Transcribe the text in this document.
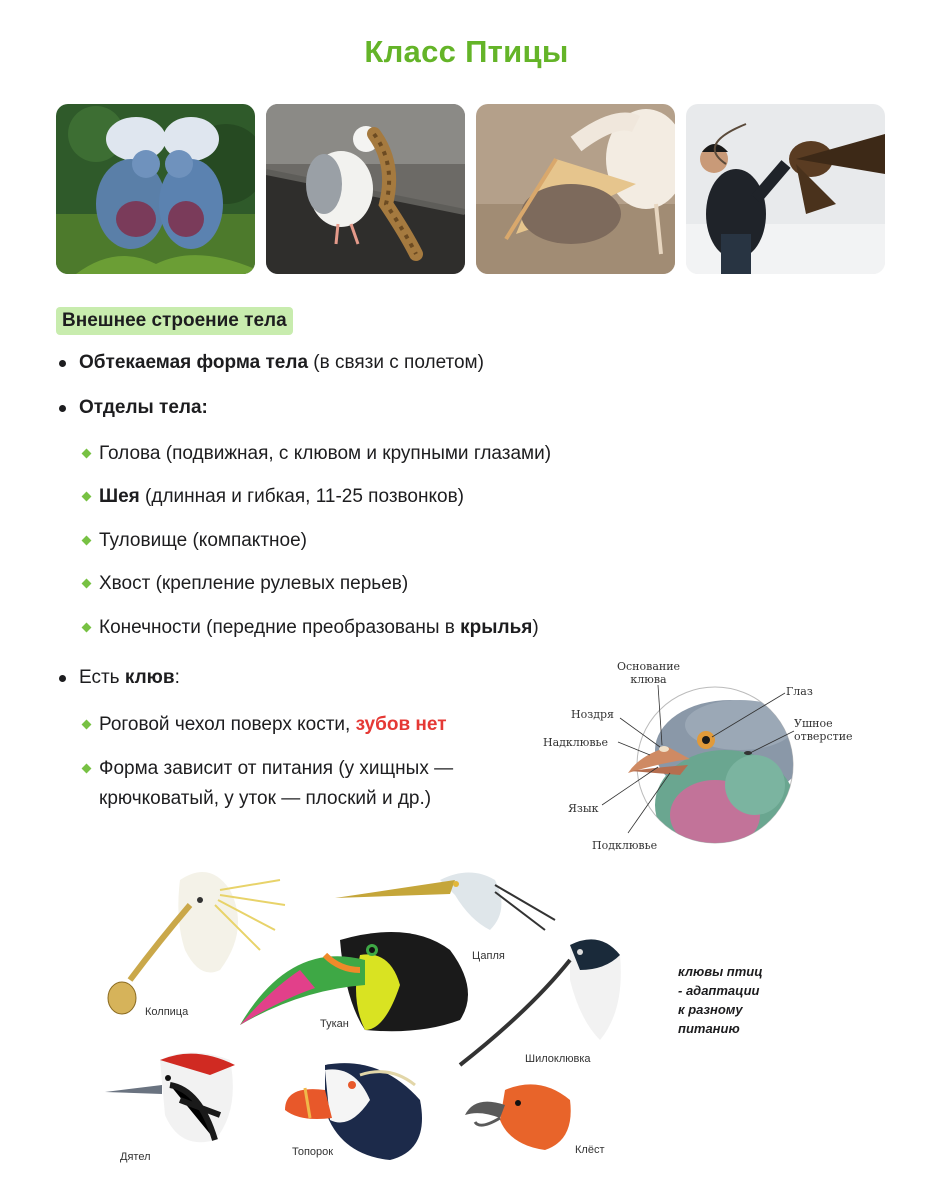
Класс Птицы
Внешнее строение тела
Обтекаемая форма тела (в связи с полетом)
Отделы тела:
Голова (подвижная, с клювом и крупными глазами)
Шея (длинная и гибкая, 11-25 позвонков)
Туловище (компактное)
Хвост (крепление рулевых перьев)
Конечности (передние преобразованы в крылья)
Есть клюв:
Роговой чехол поверх кости, зубов нет
Форма зависит от питания (у хищных —
крючковатый, у уток — плоский и др.)
Основание
клюва
Глаз
Ноздря
Надклювье
Ушное
отверстие
Язык
Подклювье
Колпица
Цапля
Тукан
Шилоклювка
Дятел	Топорок	Клёст
клювы птиц
- адаптации
к разному
питанию
